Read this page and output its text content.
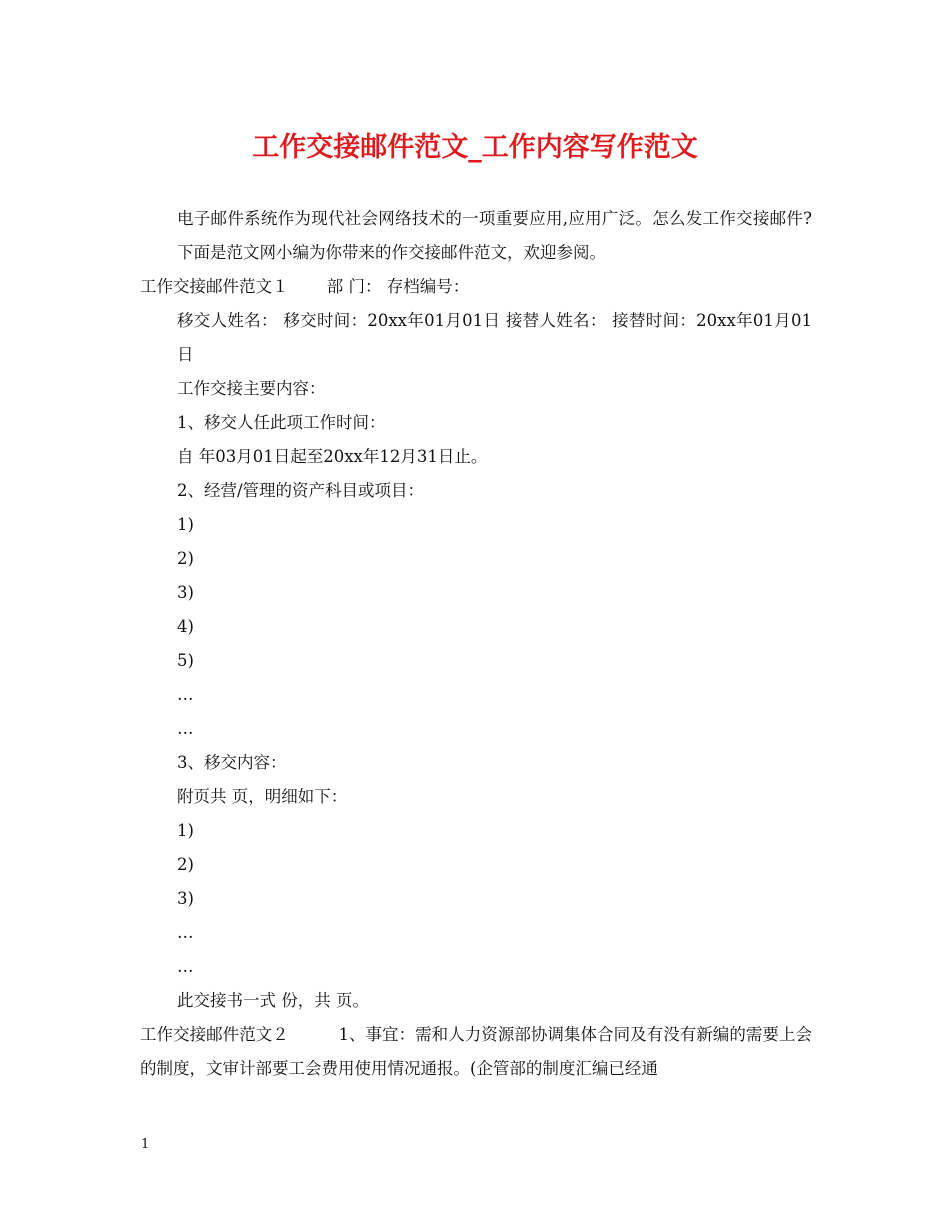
工作交接邮件范文_工作内容写作范文

电子邮件系统作为现代社会网络技术的一项重要应用,应用广泛。怎么发工作交接邮件?下面是范文网小编为你带来的作交接邮件范文，欢迎参阅。

工作交接邮件范文１　　 部 门： 存档编号：

移交人姓名： 移交时间：20xx年01月01日 接替人姓名： 接替时间：20xx年01月01日

工作交接主要内容：

1、移交人任此项工作时间：

自 年03月01日起至20xx年12月31日止。

2、经营/管理的资产科目或项目：

1)

2)

3)

4)

5)

…

…

3、移交内容：

附页共 页，明细如下：

1)

2)

3)

…

…

此交接书一式 份，共 页。

工作交接邮件范文２　　　1、事宜：需和人力资源部协调集体合同及有没有新编的需要上会的制度，文审计部要工会费用使用情况通报。(企管部的制度汇编已经通

1
